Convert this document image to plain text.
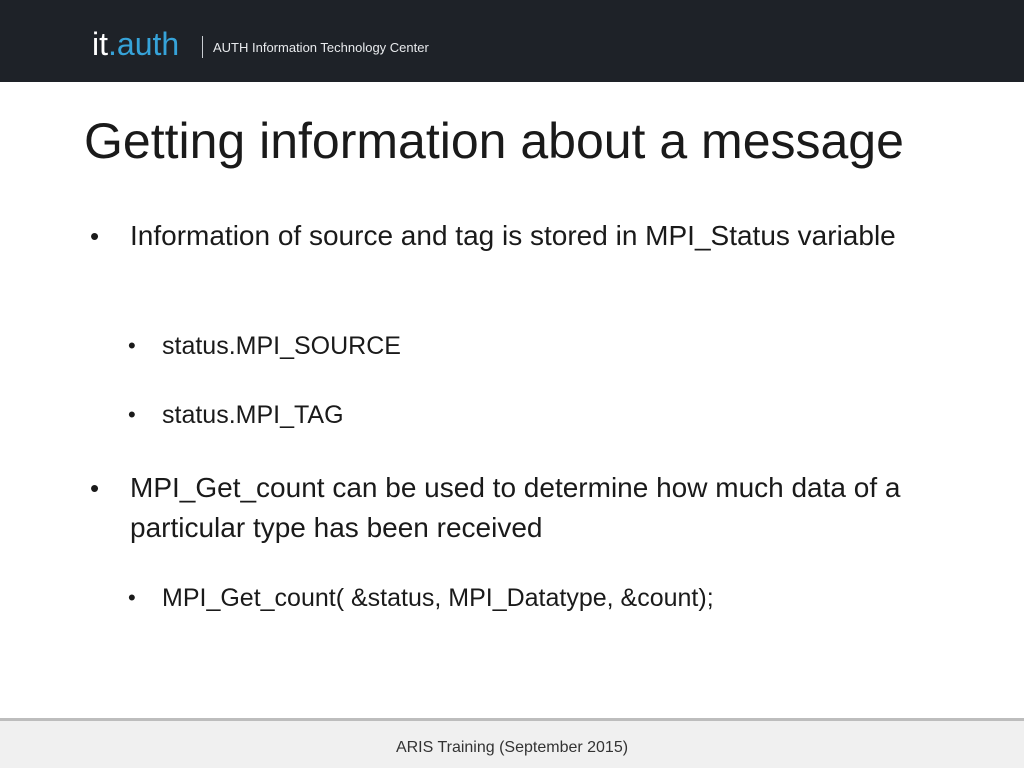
it.auth	AUTH Information Technology Center
Getting information about a message
• Information of source and tag is stored in MPI_Status variable
• status.MPI_SOURCE
• status.MPI_TAG
• MPI_Get_count can be used to determine how much data of a particular type has been received
• MPI_Get_count( &status, MPI_Datatype, &count);
ARIS Training (September 2015)
